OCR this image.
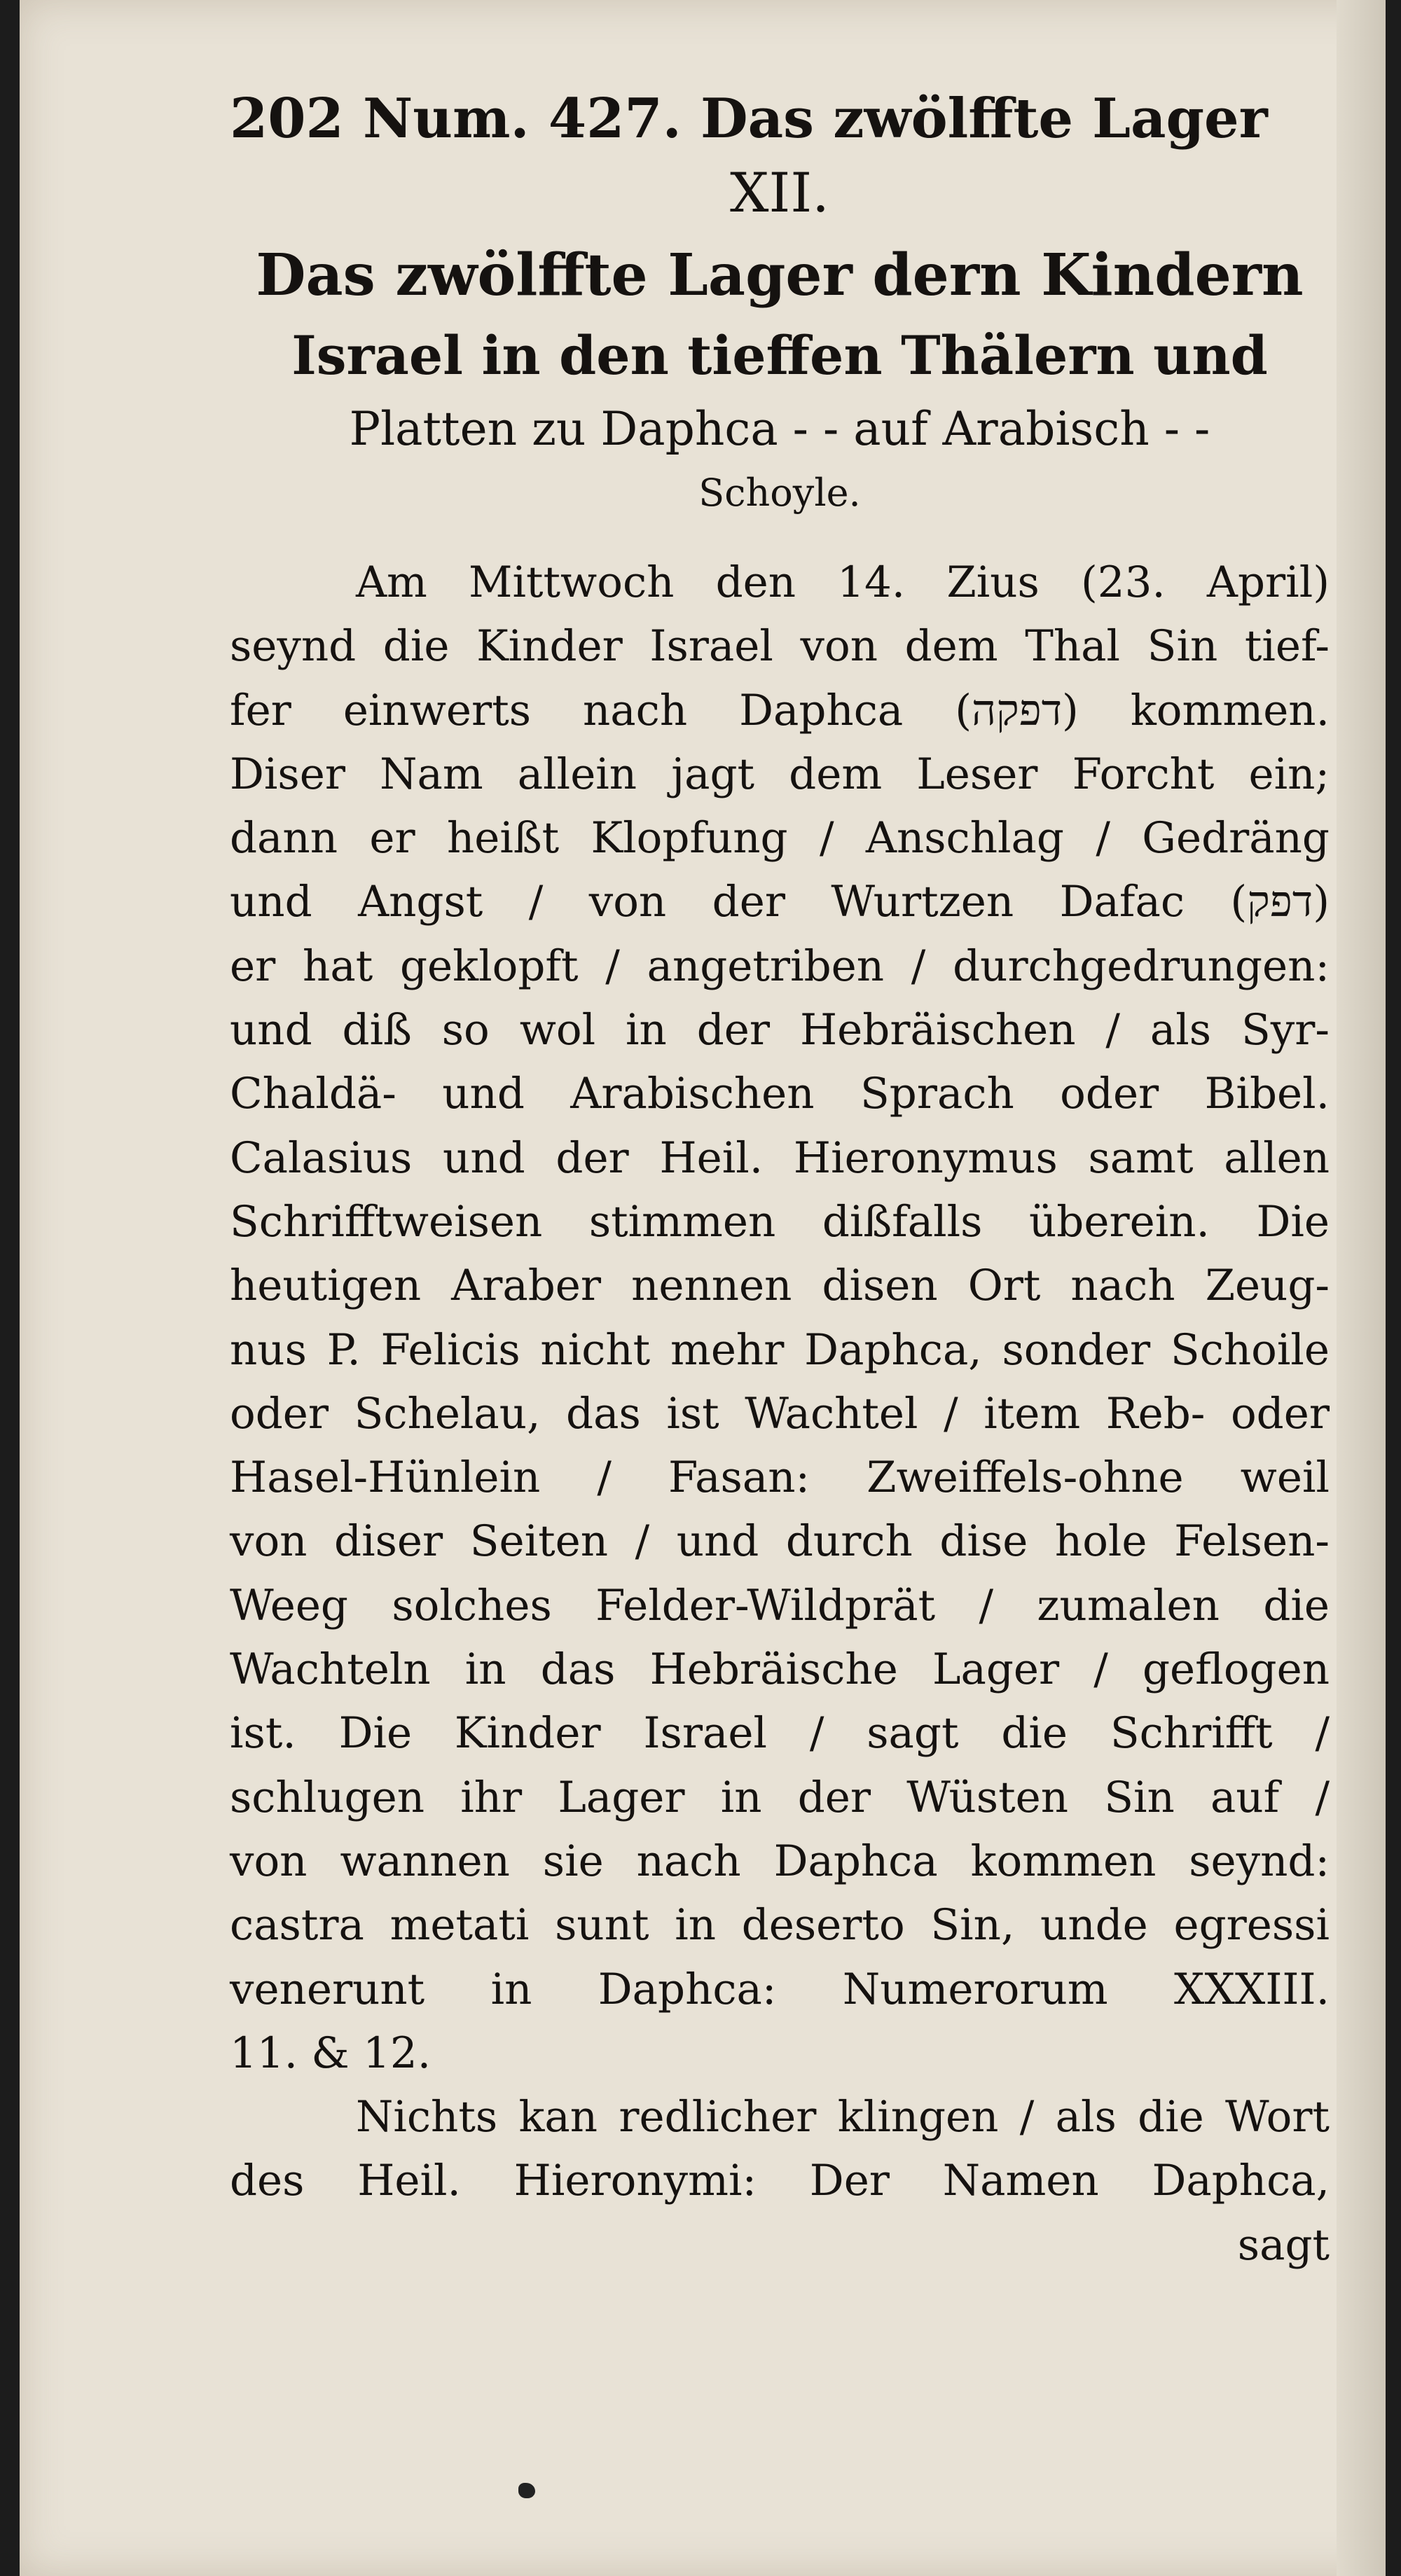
202 Num. 427. Das zwölffte Lager
XII.
Das zwölffte Lager dern Kindern
Israel in den tieffen Thälern und
Platten zu Daphca - - auf Arabisch - -
Schoyle.
Am Mittwoch den 14. Zius (23. April)
seynd die Kinder Israel von dem Thal Sin tief-
fer einwerts nach Daphca (דפקה) kommen.
Diser Nam allein jagt dem Leser Forcht ein;
dann er heißt Klopfung / Anschlag / Gedräng
und Angst / von der Wurtzen Dafac (דפק)
er hat geklopft / angetriben / durchgedrungen:
und diß so wol in der Hebräischen / als Syr-
Chaldä- und Arabischen Sprach oder Bibel.
Calasius und der Heil. Hieronymus samt allen
Schrifftweisen stimmen dißfalls überein. Die
heutigen Araber nennen disen Ort nach Zeug-
nus P. Felicis nicht mehr Daphca, sonder Schoile
oder Schelau, das ist Wachtel / item Reb- oder
Hasel-Hünlein / Fasan: Zweiffels-ohne weil
von diser Seiten / und durch dise hole Felsen-
Weeg solches Felder-Wildprät / zumalen die
Wachteln in das Hebräische Lager / geflogen
ist. Die Kinder Israel / sagt die Schrifft /
schlugen ihr Lager in der Wüsten Sin auf /
von wannen sie nach Daphca kommen seynd:
castra metati sunt in deserto Sin, unde egressi
venerunt in Daphca: Numerorum XXXIII.
11. & 12.
Nichts kan redlicher klingen / als die Wort
des Heil. Hieronymi: Der Namen Daphca,
sagt
